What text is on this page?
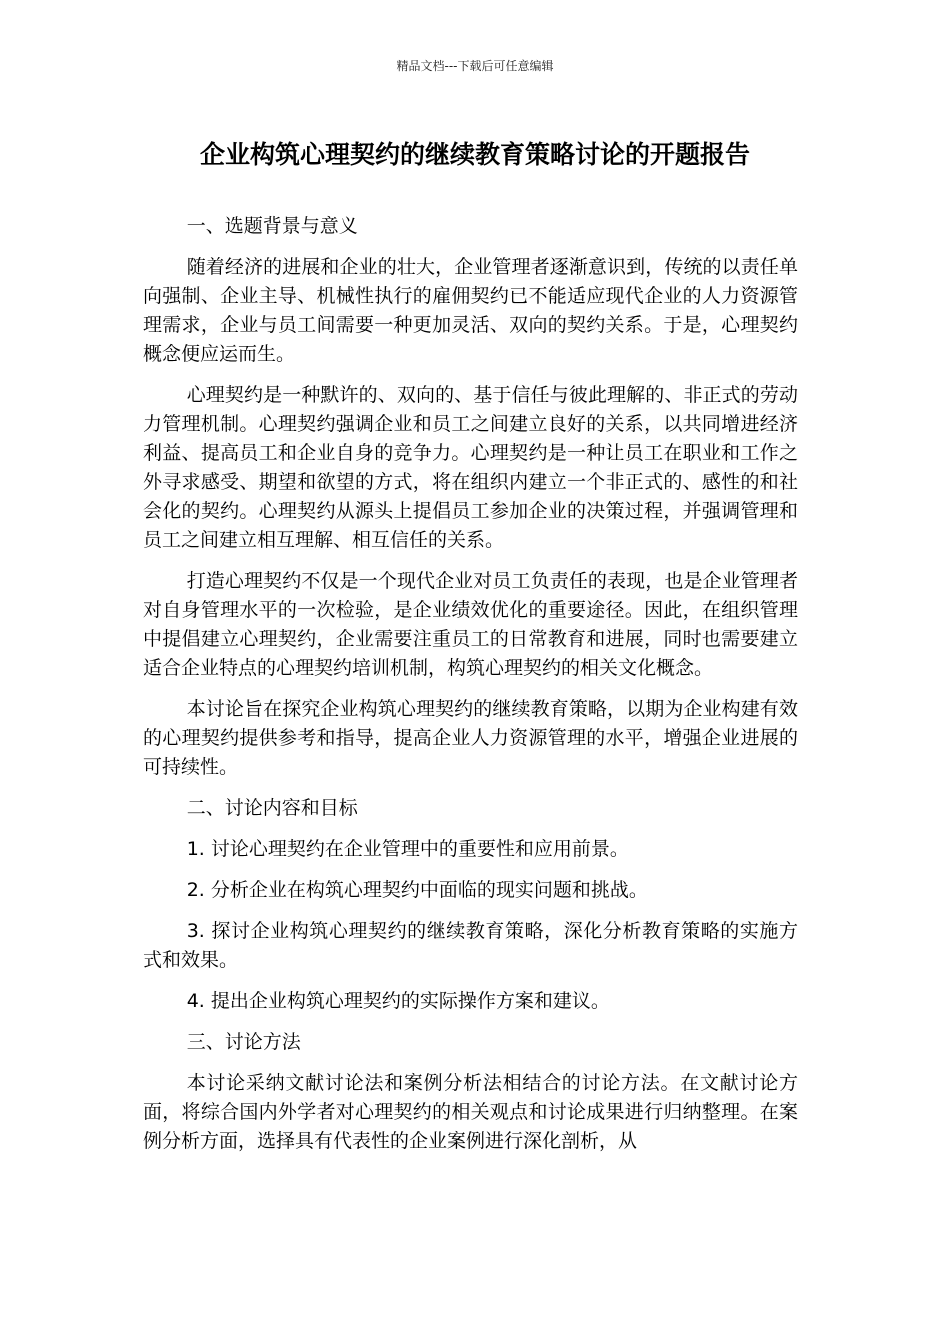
精品文档---下载后可任意编辑
企业构筑心理契约的继续教育策略讨论的开题报告

一、选题背景与意义

随着经济的进展和企业的壮大，企业管理者逐渐意识到，传统的以责任单向强制、企业主导、机械性执行的雇佣契约已不能适应现代企业的人力资源管理需求，企业与员工间需要一种更加灵活、双向的契约关系。于是，心理契约概念便应运而生。

心理契约是一种默许的、双向的、基于信任与彼此理解的、非正式的劳动力管理机制。心理契约强调企业和员工之间建立良好的关系，以共同增进经济利益、提高员工和企业自身的竞争力。心理契约是一种让员工在职业和工作之外寻求感受、期望和欲望的方式，将在组织内建立一个非正式的、感性的和社会化的契约。心理契约从源头上提倡员工参加企业的决策过程，并强调管理和员工之间建立相互理解、相互信任的关系。

打造心理契约不仅是一个现代企业对员工负责任的表现，也是企业管理者对自身管理水平的一次检验，是企业绩效优化的重要途径。因此，在组织管理中提倡建立心理契约，企业需要注重员工的日常教育和进展，同时也需要建立适合企业特点的心理契约培训机制，构筑心理契约的相关文化概念。

本讨论旨在探究企业构筑心理契约的继续教育策略，以期为企业构建有效的心理契约提供参考和指导，提高企业人力资源管理的水平，增强企业进展的可持续性。

二、讨论内容和目标

1. 讨论心理契约在企业管理中的重要性和应用前景。

2. 分析企业在构筑心理契约中面临的现实问题和挑战。

3. 探讨企业构筑心理契约的继续教育策略，深化分析教育策略的实施方式和效果。

4. 提出企业构筑心理契约的实际操作方案和建议。

三、讨论方法

本讨论采纳文献讨论法和案例分析法相结合的讨论方法。在文献讨论方面，将综合国内外学者对心理契约的相关观点和讨论成果进行归纳整理。在案例分析方面，选择具有代表性的企业案例进行深化剖析，从
